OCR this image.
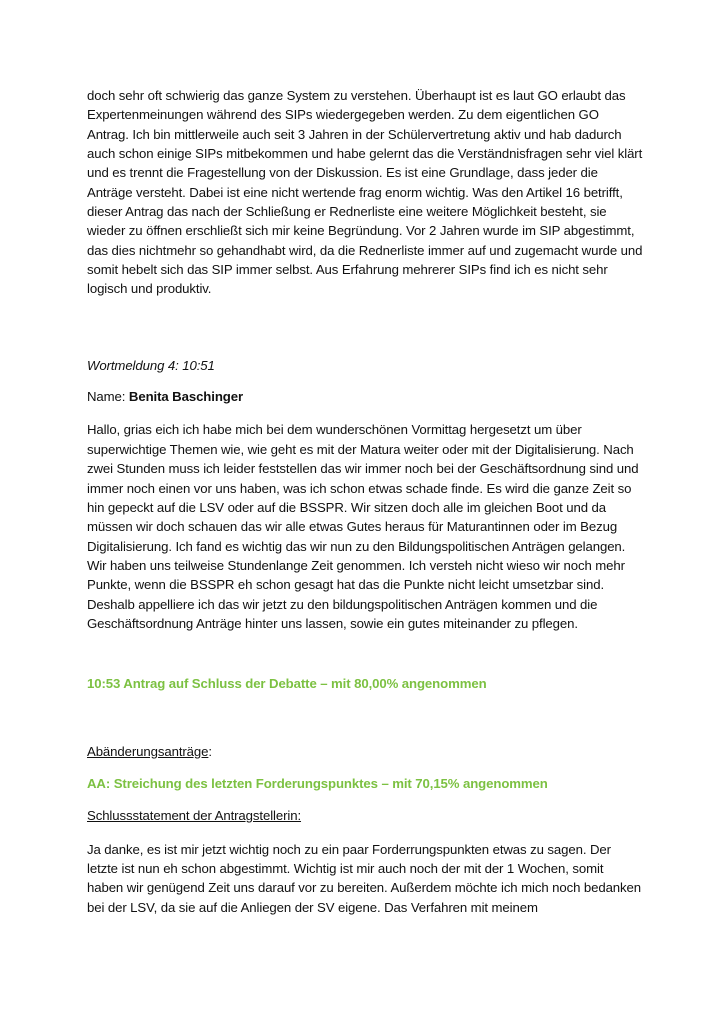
doch sehr oft schwierig das ganze System zu verstehen. Überhaupt ist es laut GO erlaubt das Expertenmeinungen während des SIPs wiedergegeben werden. Zu dem eigentlichen GO Antrag. Ich bin mittlerweile auch seit 3 Jahren in der Schülervertretung aktiv und hab dadurch auch schon einige SIPs mitbekommen und habe gelernt das die Verständnisfragen sehr viel klärt und es trennt die Fragestellung von der Diskussion. Es ist eine Grundlage, dass jeder die Anträge versteht. Dabei ist eine nicht wertende frag enorm wichtig. Was den Artikel 16 betrifft, dieser Antrag das nach der Schließung er Rednerliste eine weitere Möglichkeit besteht, sie wieder zu öffnen erschließt sich mir keine Begründung. Vor 2 Jahren wurde im SIP abgestimmt, das dies nichtmehr so gehandhabt wird, da die Rednerliste immer auf und zugemacht wurde und somit hebelt sich das SIP immer selbst. Aus Erfahrung mehrerer SIPs find ich es nicht sehr logisch und produktiv.

Wortmeldung 4: 10:51

Name: Benita Baschinger

Hallo, grias eich ich habe mich bei dem wunderschönen Vormittag hergesetzt um über superwichtige Themen wie, wie geht es mit der Matura weiter oder mit der Digitalisierung. Nach zwei Stunden muss ich leider feststellen das wir immer noch bei der Geschäftsordnung sind und immer noch einen vor uns haben, was ich schon etwas schade finde. Es wird die ganze Zeit so hin gepeckt auf die LSV oder auf die BSSPR. Wir sitzen doch alle im gleichen Boot und da müssen wir doch schauen das wir alle etwas Gutes heraus für Maturantinnen oder im Bezug Digitalisierung. Ich fand es wichtig das wir nun zu den Bildungspolitischen Anträgen gelangen. Wir haben uns teilweise Stundenlange Zeit genommen. Ich versteh nicht wieso wir noch mehr Punkte, wenn die BSSPR eh schon gesagt hat das die Punkte nicht leicht umsetzbar sind. Deshalb appelliere ich das wir jetzt zu den bildungspolitischen Anträgen kommen und die Geschäftsordnung Anträge hinter uns lassen, sowie ein gutes miteinander zu pflegen.

10:53 Antrag auf Schluss der Debatte – mit 80,00% angenommen

Abänderungsanträge:

AA: Streichung des letzten Forderungspunktes – mit 70,15% angenommen

Schlussstatement der Antragstellerin:

Ja danke, es ist mir jetzt wichtig noch zu ein paar Forderrungspunkten etwas zu sagen. Der letzte ist nun eh schon abgestimmt. Wichtig ist mir auch noch der mit der 1 Wochen, somit haben wir genügend Zeit uns darauf vor zu bereiten. Außerdem möchte ich mich noch bedanken bei der LSV, da sie auf die Anliegen der SV eigene. Das Verfahren mit meinem
